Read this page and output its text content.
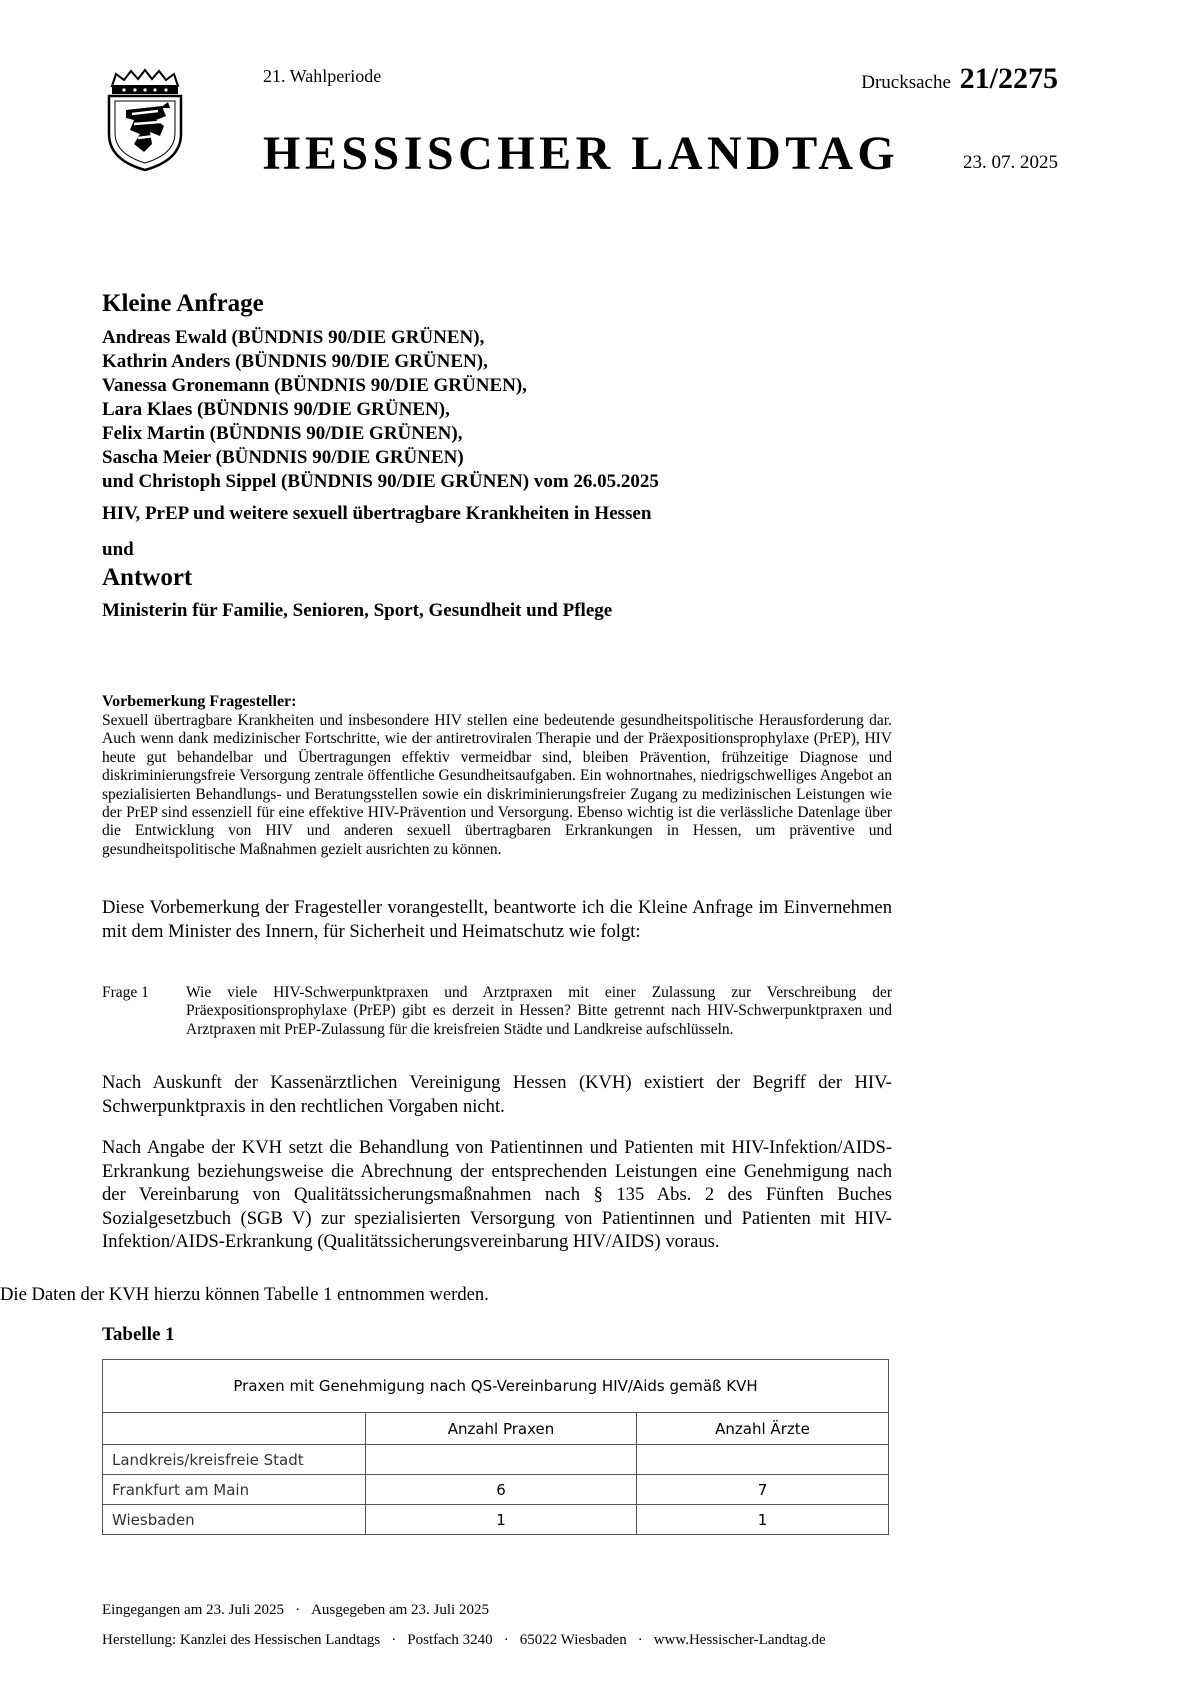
21. Wahlperiode	Drucksache 21/2275
HESSISCHER LANDTAG	23. 07. 2025
Kleine Anfrage
Andreas Ewald (BÜNDNIS 90/DIE GRÜNEN),
Kathrin Anders (BÜNDNIS 90/DIE GRÜNEN),
Vanessa Gronemann (BÜNDNIS 90/DIE GRÜNEN),
Lara Klaes (BÜNDNIS 90/DIE GRÜNEN),
Felix Martin (BÜNDNIS 90/DIE GRÜNEN),
Sascha Meier (BÜNDNIS 90/DIE GRÜNEN)
und Christoph Sippel (BÜNDNIS 90/DIE GRÜNEN) vom 26.05.2025
HIV, PrEP und weitere sexuell übertragbare Krankheiten in Hessen
und
Antwort
Ministerin für Familie, Senioren, Sport, Gesundheit und Pflege
Vorbemerkung Fragesteller:
Sexuell übertragbare Krankheiten und insbesondere HIV stellen eine bedeutende gesundheitspolitische Herausforderung dar. Auch wenn dank medizinischer Fortschritte, wie der antiretroviralen Therapie und der Präexpositionsprophylaxe (PrEP), HIV heute gut behandelbar und Übertragungen effektiv vermeidbar sind, bleiben Prävention, frühzeitige Diagnose und diskriminierungsfreie Versorgung zentrale öffentliche Gesundheitsaufgaben. Ein wohnortnahes, niedrigschwelliges Angebot an spezialisierten Behandlungs- und Beratungsstellen sowie ein diskriminierungsfreier Zugang zu medizinischen Leistungen wie der PrEP sind essenziell für eine effektive HIV-Prävention und Versorgung. Ebenso wichtig ist die verlässliche Datenlage über die Entwicklung von HIV und anderen sexuell übertragbaren Erkrankungen in Hessen, um präventive und gesundheitspolitische Maßnahmen gezielt ausrichten zu können.
Diese Vorbemerkung der Fragesteller vorangestellt, beantworte ich die Kleine Anfrage im Einvernehmen mit dem Minister des Innern, für Sicherheit und Heimatschutz wie folgt:
Frage 1 Wie viele HIV-Schwerpunktpraxen und Arztpraxen mit einer Zulassung zur Verschreibung der Präexpositionsprophylaxe (PrEP) gibt es derzeit in Hessen? Bitte getrennt nach HIV-Schwerpunktpraxen und Arztpraxen mit PrEP-Zulassung für die kreisfreien Städte und Landkreise aufschlüsseln.
Nach Auskunft der Kassenärztlichen Vereinigung Hessen (KVH) existiert der Begriff der HIV-Schwerpunktpraxis in den rechtlichen Vorgaben nicht.
Nach Angabe der KVH setzt die Behandlung von Patientinnen und Patienten mit HIV-Infektion/AIDS-Erkrankung beziehungsweise die Abrechnung der entsprechenden Leistungen eine Genehmigung nach der Vereinbarung von Qualitätssicherungsmaßnahmen nach § 135 Abs. 2 des Fünften Buches Sozialgesetzbuch (SGB V) zur spezialisierten Versorgung von Patientinnen und Patienten mit HIV-Infektion/AIDS-Erkrankung (Qualitätssicherungsvereinbarung HIV/AIDS) voraus.
Die Daten der KVH hierzu können Tabelle 1 entnommen werden.
Tabelle 1
Praxen mit Genehmigung nach QS-Vereinbarung HIV/Aids gemäß KVH		
	Anzahl Praxen	Anzahl Ärzte
Landkreis/kreisfreie Stadt		
Frankfurt am Main	6	7
Wiesbaden	1	1
Eingegangen am 23. Juli 2025 · Ausgegeben am 23. Juli 2025
Herstellung: Kanzlei des Hessischen Landtags · Postfach 3240 · 65022 Wiesbaden · www.Hessischer-Landtag.de
